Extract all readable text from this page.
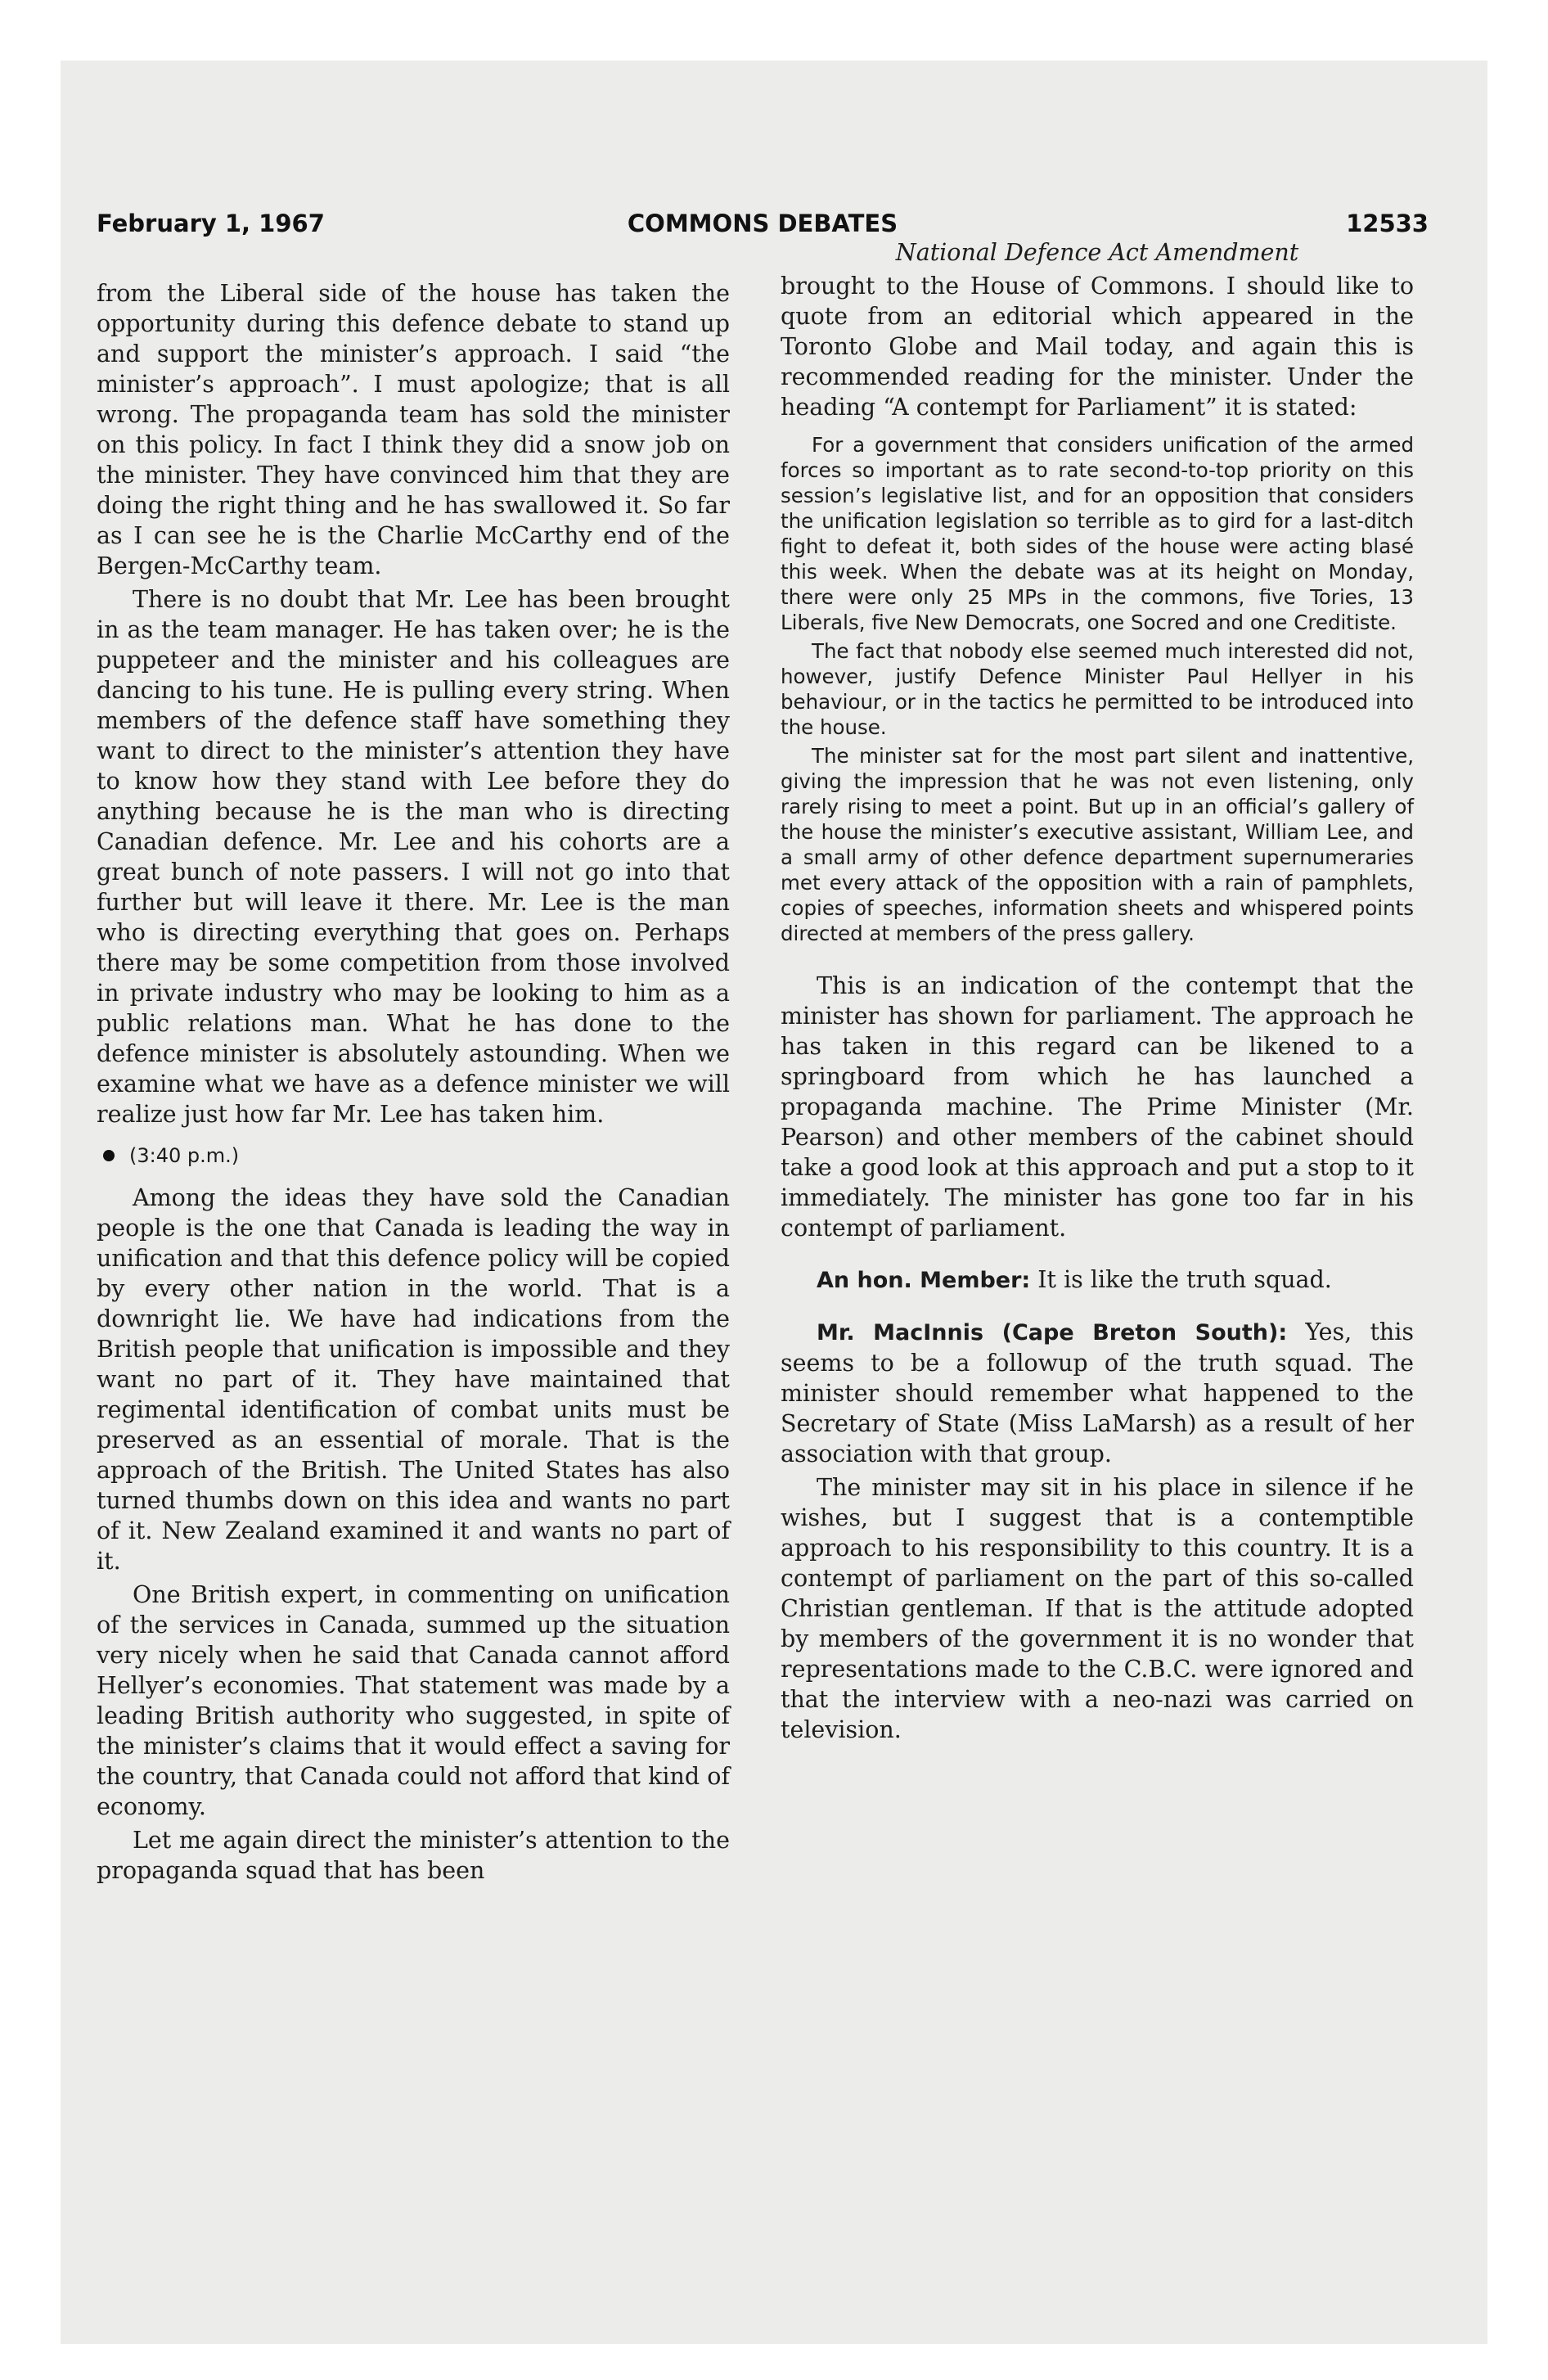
COMMONS DEBATES
February 1, 1967	12533

from the Liberal side of the house has taken the opportunity during this defence debate to stand up and support the minister’s approach. I said “the minister’s approach”. I must apologize; that is all wrong. The propaganda team has sold the minister on this policy. In fact I think they did a snow job on the minister. They have convinced him that they are doing the right thing and he has swallowed it. So far as I can see he is the Charlie McCarthy end of the Bergen-McCarthy team.

There is no doubt that Mr. Lee has been brought in as the team manager. He has taken over; he is the puppeteer and the minister and his colleagues are dancing to his tune. He is pulling every string. When members of the defence staff have something they want to direct to the minister’s attention they have to know how they stand with Lee before they do anything because he is the man who is directing Canadian defence. Mr. Lee and his cohorts are a great bunch of note passers. I will not go into that further but will leave it there. Mr. Lee is the man who is directing everything that goes on. Perhaps there may be some competition from those involved in private industry who may be looking to him as a public relations man. What he has done to the defence minister is absolutely astounding. When we examine what we have as a defence minister we will realize just how far Mr. Lee has taken him.

(3:40 p.m.)

Among the ideas they have sold the Canadian people is the one that Canada is leading the way in unification and that this defence policy will be copied by every other nation in the world. That is a downright lie. We have had indications from the British people that unification is impossible and they want no part of it. They have maintained that regimental identification of combat units must be preserved as an essential of morale. That is the approach of the British. The United States has also turned thumbs down on this idea and wants no part of it. New Zealand examined it and wants no part of it.

One British expert, in commenting on unification of the services in Canada, summed up the situation very nicely when he said that Canada cannot afford Hellyer’s economies. That statement was made by a leading British authority who suggested, in spite of the minister’s claims that it would effect a saving for the country, that Canada could not afford that kind of economy.

Let me again direct the minister’s attention to the propaganda squad that has been

National Defence Act Amendment

brought to the House of Commons. I should like to quote from an editorial which appeared in the Toronto Globe and Mail today, and again this is recommended reading for the minister. Under the heading “A contempt for Parliament” it is stated:

For a government that considers unification of the armed forces so important as to rate second-to-top priority on this session’s legislative list, and for an opposition that considers the unification legislation so terrible as to gird for a last-ditch fight to defeat it, both sides of the house were acting blasé this week. When the debate was at its height on Monday, there were only 25 MPs in the commons, five Tories, 13 Liberals, five New Democrats, one Socred and one Creditiste.

The fact that nobody else seemed much interested did not, however, justify Defence Minister Paul Hellyer in his behaviour, or in the tactics he permitted to be introduced into the house.

The minister sat for the most part silent and inattentive, giving the impression that he was not even listening, only rarely rising to meet a point. But up in an official’s gallery of the house the minister’s executive assistant, William Lee, and a small army of other defence department supernumeraries met every attack of the opposition with a rain of pamphlets, copies of speeches, information sheets and whispered points directed at members of the press gallery.

This is an indication of the contempt that the minister has shown for parliament. The approach he has taken in this regard can be likened to a springboard from which he has launched a propaganda machine. The Prime Minister (Mr. Pearson) and other members of the cabinet should take a good look at this approach and put a stop to it immediately. The minister has gone too far in his contempt of parliament.

An hon. Member: It is like the truth squad.

Mr. MacInnis (Cape Breton South): Yes, this seems to be a followup of the truth squad. The minister should remember what happened to the Secretary of State (Miss LaMarsh) as a result of her association with that group.

The minister may sit in his place in silence if he wishes, but I suggest that is a contemptible approach to his responsibility to this country. It is a contempt of parliament on the part of this so-called Christian gentleman. If that is the attitude adopted by members of the government it is no wonder that representations made to the C.B.C. were ignored and that the interview with a neo-nazi was carried on television.
